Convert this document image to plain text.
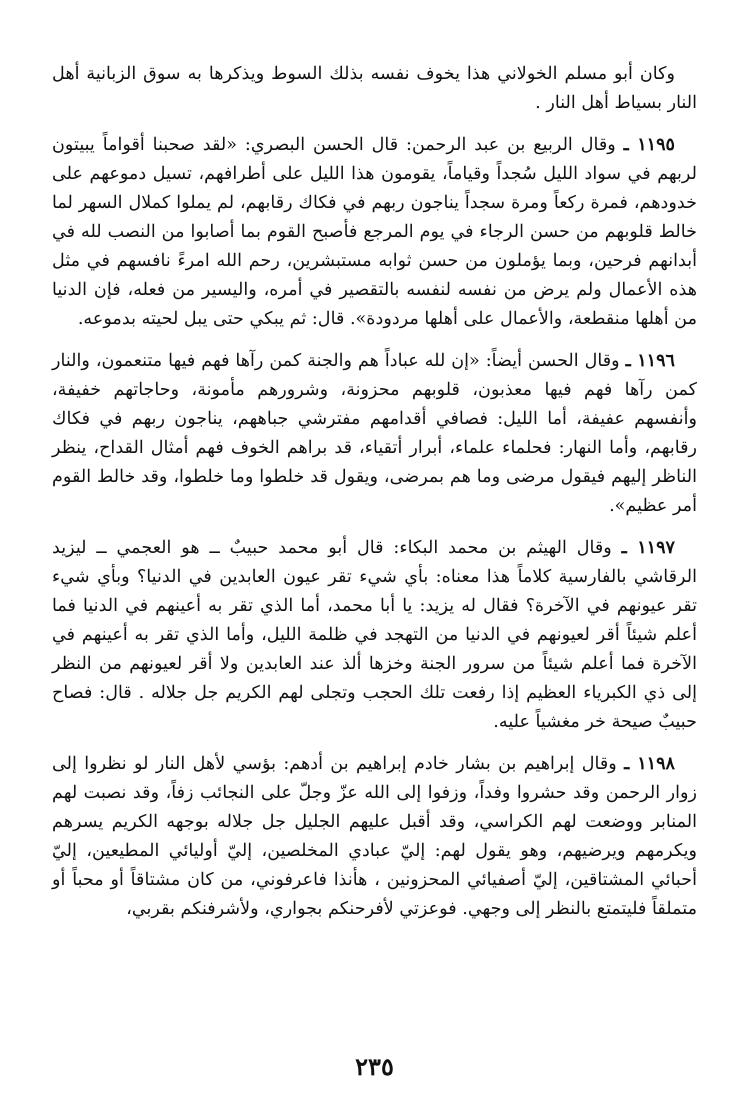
وكان أبو مسلم الخولاني هذا يخوف نفسه بذلك السوط ويذكرها به سوق الزبانية أهل النار بسياط أهل النار .

١١٩٥ ـ وقال الربيع بن عبد الرحمن: قال الحسن البصري: «لقد صحبنا أقواماً يبيتون لربهم في سواد الليل سُجداً وقياماً، يقومون هذا الليل على أطرافهم، تسيل دموعهم على خدودهم، فمرة ركعاً ومرة سجداً يناجون ربهم في فكاك رقابهم، لم يملوا كملال السهر لما خالط قلوبهم من حسن الرجاء في يوم المرجع فأصبح القوم بما أصابوا من النصب لله في أبدانهم فرحين، وبما يؤملون من حسن ثوابه مستبشرين، رحم الله امرءً نافسهم في مثل هذه الأعمال ولم يرض من نفسه لنفسه بالتقصير في أمره، واليسير من فعله، فإن الدنيا من أهلها منقطعة، والأعمال على أهلها مردودة». قال: ثم يبكي حتى يبل لحيته بدموعه.

١١٩٦ ـ وقال الحسن أيضاً: «إن لله عباداً هم والجنة كمن رآها فهم فيها متنعمون، والنار كمن رآها فهم فيها معذبون، قلوبهم محزونة، وشرورهم مأمونة، وحاجاتهم خفيفة، وأنفسهم عفيفة، أما الليل: فصافي أقدامهم مفترشي جباههم، يناجون ربهم في فكاك رقابهم، وأما النهار: فحلماء علماء، أبرار أتقياء، قد براهم الخوف فهم أمثال القداح، ينظر الناظر إليهم فيقول مرضى وما هم بمرضى، ويقول قد خلطوا وما خلطوا، وقد خالط القوم أمر عظيم».

١١٩٧ ـ وقال الهيثم بن محمد البكاء: قال أبو محمد حبيبٌ ــ هو العجمي ــ ليزيد الرقاشي بالفارسية كلاماً هذا معناه: بأي شيء تقر عيون العابدين في الدنيا؟ وبأي شيء تقر عيونهم في الآخرة؟ فقال له يزيد: يا أبا محمد، أما الذي تقر به أعينهم في الدنيا فما أعلم شيئاً أقر لعيونهم في الدنيا من التهجد في ظلمة الليل، وأما الذي تقر به أعينهم في الآخرة فما أعلم شيئاً من سرور الجنة وخزها ألذ عند العابدين ولا أقر لعيونهم من النظر إلى ذي الكبرياء العظيم إذا رفعت تلك الحجب وتجلى لهم الكريم جل جلاله . قال: فصاح حبيبٌ صيحة خر مغشياً عليه.

١١٩٨ ـ وقال إبراهيم بن بشار خادم إبراهيم بن أدهم: بؤسي لأهل النار لو نظروا إلى زوار الرحمن وقد حشروا وفداً، وزفوا إلى الله عزّ وجلّ على النجائب زفاً، وقد نصبت لهم المنابر ووضعت لهم الكراسي، وقد أقبل عليهم الجليل جل جلاله بوجهه الكريم يسرهم ويكرمهم ويرضيهم، وهو يقول لهم: إليّ عبادي المخلصين، إليّ أوليائي المطيعين، إليّ أحبائي المشتاقين، إليّ أصفيائي المحزونين ، هأنذا فاعرفوني، من كان مشتاقاً أو محباً أو متملقاً فليتمتع بالنظر إلى وجهي. فوعزتي لأفرحنكم بجواري، ولأشرفنكم بقربي،

٢٣٥
